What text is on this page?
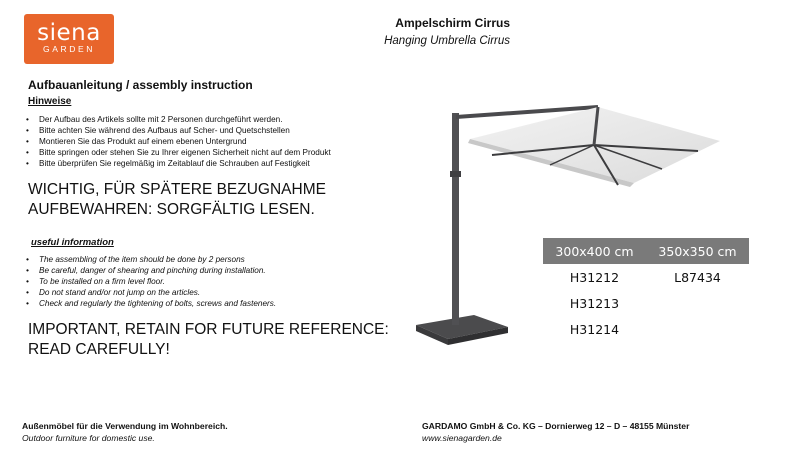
siena
GARDEN
Ampelschirm Cirrus
Hanging Umbrella Cirrus
Aufbauanleitung / assembly instruction
Hinweise
• Der Aufbau des Artikels sollte mit 2 Personen durchgeführt werden.
• Bitte achten Sie während des Aufbaus auf Scher- und Quetschstellen
• Montieren Sie das Produkt auf einem ebenen Untergrund
• Bitte springen oder stehen Sie zu Ihrer eigenen Sicherheit nicht auf dem Produkt
• Bitte überprüfen Sie regelmäßig im Zeitablauf die Schrauben auf Festigkeit
WICHTIG, FÜR SPÄTERE BEZUGNAHME
AUFBEWAHREN: SORGFÄLTIG LESEN.
useful information
• The assembling of the item should be done by 2 persons
• Be careful, danger of shearing and pinching during installation.
• To be installed on a firm level floor.
• Do not stand and/or not jump on the articles.
• Check and regularly the tightening of bolts, screws and fasteners.
IMPORTANT, RETAIN FOR FUTURE REFERENCE:
READ CAREFULLY!
300x400 cm	350x350 cm
H31212	L87434
H31213
H31214
Außenmöbel für die Verwendung im Wohnbereich.
Outdoor furniture for domestic use.
GARDAMO GmbH & Co. KG – Dornierweg 12 – D – 48155 Münster
www.sienagarden.de
